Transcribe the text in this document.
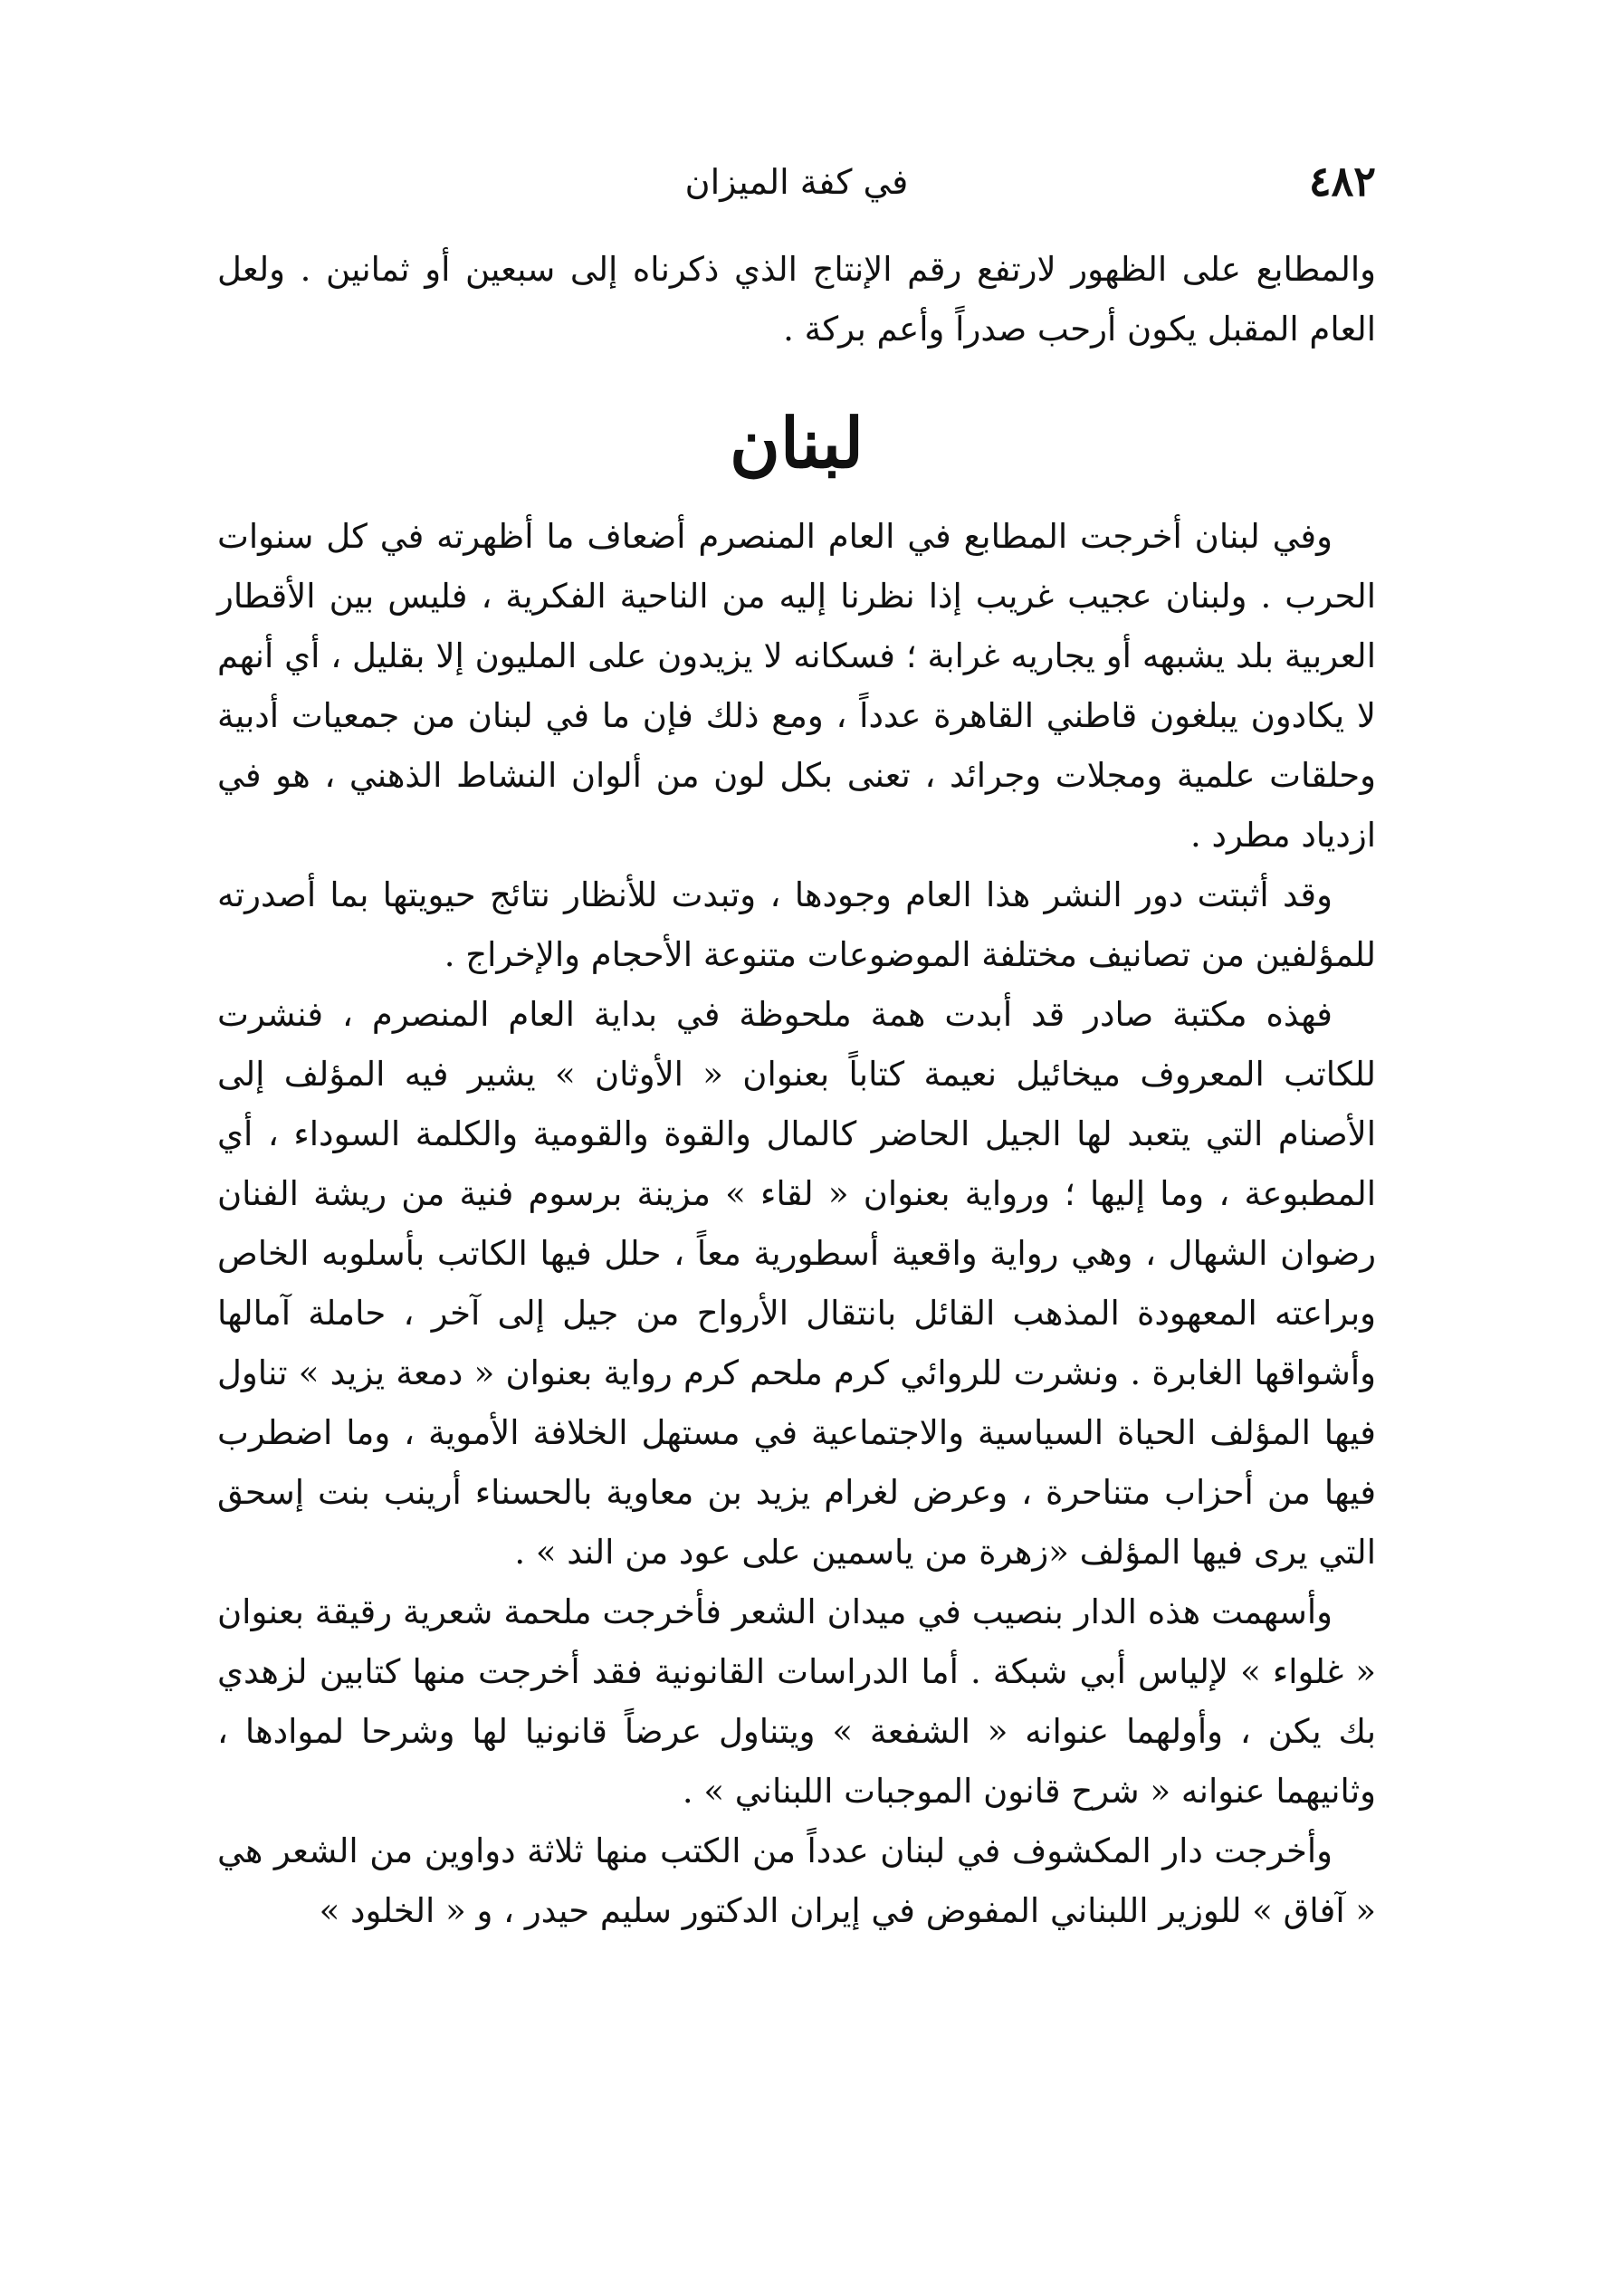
٤٨٢
في كفة الميزان

والمطابع على الظهور لارتفع رقم الإنتاج الذي ذكرناه إلى سبعين أو ثمانين . ولعل العام المقبل يكون أرحب صدراً وأعم بركة .

لبنان

وفي لبنان أخرجت المطابع في العام المنصرم أضعاف ما أظهرته في كل سنوات الحرب . ولبنان عجيب غريب إذا نظرنا إليه من الناحية الفكرية ، فليس بين الأقطار العربية بلد يشبهه أو يجاريه غرابة ؛ فسكانه لا يزيدون على المليون إلا بقليل ، أي أنهم لا يكادون يبلغون قاطني القاهرة عدداً ، ومع ذلك فإن ما في لبنان من جمعيات أدبية وحلقات علمية ومجلات وجرائد ، تعنى بكل لون من ألوان النشاط الذهني ، هو في ازدياد مطرد .

وقد أثبتت دور النشر هذا العام وجودها ، وتبدت للأنظار نتائج حيويتها بما أصدرته للمؤلفين من تصانيف مختلفة الموضوعات متنوعة الأحجام والإخراج .

فهذه مكتبة صادر قد أبدت همة ملحوظة في بداية العام المنصرم ، فنشرت للكاتب المعروف ميخائيل نعيمة كتاباً بعنوان « الأوثان » يشير فيه المؤلف إلى الأصنام التي يتعبد لها الجيل الحاضر كالمال والقوة والقومية والكلمة السوداء ، أي المطبوعة ، وما إليها ؛ ورواية بعنوان « لقاء » مزينة برسوم فنية من ريشة الفنان رضوان الشهال ، وهي رواية واقعية أسطورية معاً ، حلل فيها الكاتب بأسلوبه الخاص وبراعته المعهودة المذهب القائل بانتقال الأرواح من جيل إلى آخر ، حاملة آمالها وأشواقها الغابرة . ونشرت للروائي كرم ملحم كرم رواية بعنوان « دمعة يزيد » تناول فيها المؤلف الحياة السياسية والاجتماعية في مستهل الخلافة الأموية ، وما اضطرب فيها من أحزاب متناحرة ، وعرض لغرام يزيد بن معاوية بالحسناء أرينب بنت إسحق التي يرى فيها المؤلف «زهرة من ياسمين على عود من الند » .

وأسهمت هذه الدار بنصيب في ميدان الشعر فأخرجت ملحمة شعرية رقيقة بعنوان « غلواء » لإلياس أبي شبكة . أما الدراسات القانونية فقد أخرجت منها كتابين لزهدي بك يكن ، وأولهما عنوانه « الشفعة » ويتناول عرضاً قانونيا لها وشرحا لموادها ، وثانيهما عنوانه « شرح قانون الموجبات اللبناني » .

وأخرجت دار المكشوف في لبنان عدداً من الكتب منها ثلاثة دواوين من الشعر هي « آفاق » للوزير اللبناني المفوض في إيران الدكتور سليم حيدر ، و « الخلود »
